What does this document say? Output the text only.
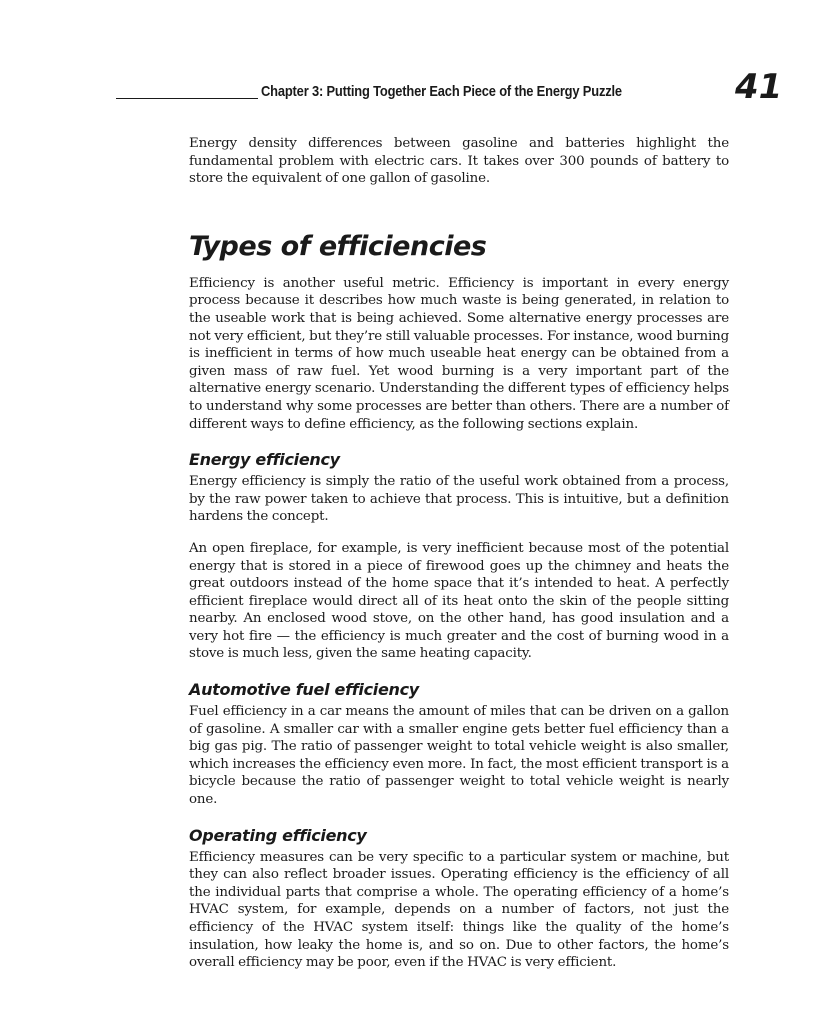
Chapter 3: Putting Together Each Piece of the Energy Puzzle	41

Energy density differences between gasoline and batteries highlight the fundamental problem with electric cars. It takes over 300 pounds of battery to store the equivalent of one gallon of gasoline.

Types of efficiencies

Efficiency is another useful metric. Efficiency is important in every energy process because it describes how much waste is being generated, in relation to the useable work that is being achieved. Some alternative energy processes are not very efficient, but they’re still valuable processes. For instance, wood burning is inefficient in terms of how much useable heat energy can be obtained from a given mass of raw fuel. Yet wood burning is a very important part of the alternative energy scenario. Understanding the different types of efficiency helps to understand why some processes are better than others. There are a number of different ways to define efficiency, as the following sections explain.

Energy efficiency

Energy efficiency is simply the ratio of the useful work obtained from a process, by the raw power taken to achieve that process. This is intuitive, but a definition hardens the concept.

An open fireplace, for example, is very inefficient because most of the potential energy that is stored in a piece of firewood goes up the chimney and heats the great outdoors instead of the home space that it’s intended to heat. A perfectly efficient fireplace would direct all of its heat onto the skin of the people sitting nearby. An enclosed wood stove, on the other hand, has good insulation and a very hot fire — the efficiency is much greater and the cost of burning wood in a stove is much less, given the same heating capacity.

Automotive fuel efficiency

Fuel efficiency in a car means the amount of miles that can be driven on a gallon of gasoline. A smaller car with a smaller engine gets better fuel efficiency than a big gas pig. The ratio of passenger weight to total vehicle weight is also smaller, which increases the efficiency even more. In fact, the most efficient transport is a bicycle because the ratio of passenger weight to total vehicle weight is nearly one.

Operating efficiency

Efficiency measures can be very specific to a particular system or machine, but they can also reflect broader issues. Operating efficiency is the efficiency of all the individual parts that comprise a whole. The operating efficiency of a home’s HVAC system, for example, depends on a number of factors, not just the efficiency of the HVAC system itself: things like the quality of the home’s insulation, how leaky the home is, and so on. Due to other factors, the home’s overall efficiency may be poor, even if the HVAC is very efficient.
